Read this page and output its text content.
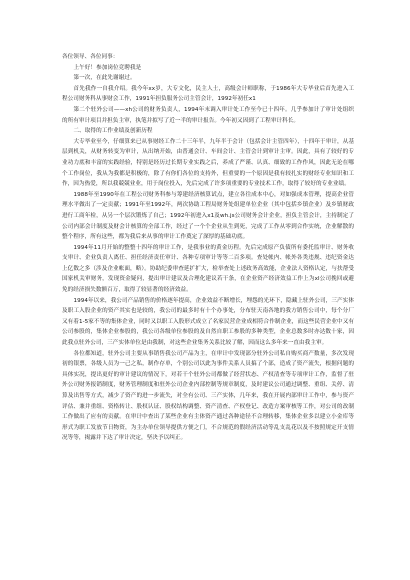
各位领导、各位同事：

上午好！参加岗位竞聘我是

第一次，在此先谢谢过。

首先我作一自我介绍。我今年xx岁，大专文化，民主人士，高级会计师职称，于1986年大专毕业后首先进入工程公司财务科从事财会工作，1991年担负服务公司主管会计，1992年初任x1

第二个驻外公司——xh公司的财务负责人，1994年末调入审计处工作至今已十四年。几乎参加计了审计处组织的所有审计项目并担负主审，执笔并拟写了近一半的审计报告。今年初又因到了工程审计科长。

二、取得的工作业绩及创新历程

大专毕业至今，仔细算来已从事财经工作二十三年半，九年半于会计（包括会计主管四年），十四年于审计，从基层到机关，从财务转变为审计，从出纳开始，由普通会计、车间会计、主管会计到审计主审。因此，具有了较好的专业功力底和丰富的实践经验，特别是经历过长期专业实践之后，养成了严谨、认真、细致的工作作风，因此无论在哪个工作岗位，我从为我都是积极的，除了有你们各位的支持外，但重要的一个原因是我有较扎实的财经专业知识和工作，因为热爱，所以我兢兢业业，用于岗位投入，先后完成了许多项重要的专业技术工作，取得了较好的专业业绩。

1988年至1990年在工程公司财务科参与筹建经济核算试点，建立各往成本中心，对如强成本管理，提高企业管理水平做出了一定贡献；1991年至1992年，两次协助工程局财务处组建单位企业（其中包括乡镇企业）及乡镇财政进行工商年检，从另一个层次锻炼了自己；1992年初进入x1及wh.js公司财务会计企业，担负主管会计，主持制定了公司内部会计制度及财会计核算的全部工作，经过了一个个企业从生到死，完成了工作从零到合作实统，企业解散的整个程序，所有这些，都为我后来从事的审计工作奠定了深厚的基础功底。

1994年11月开始的整整十四年的审计工作，是我事业的黄金历程。先后完成原产负债所有委托监审计、财务收支审计、企业负责人离任、担任经济责任审计、各种专项审计等等二百多项。查处帐内、帐外各类违规、违纪资金达上亿数之多（涉及企业帐面，略）。协助纪委审查延扩扩大，检举查处上述政务高效能，企业法人资格认定，与扶帮受国家机关审财务，发现资金疑问，提出审计建议及合理化建议若干条，在企业资产经济效益工作上为xl公司挽回或避免的经济损失数额百万，取得了较显著的经济效益。

1994年以来，我公司产品销售的价格逐年提高，企业效益不断增长，埋怨的光环下，隐藏上驻外公司，三产实体及职工入股企业的资产其实也是较的，我公司的最多时有十个办事处，分布驻天南各地的我方销售公司中，每个分厂又有着1-5家不等的集体企业，同时又以职工入股形式成立了名家民营企业成相符合作制企业，而这些民营企业中又有公司参股的，集体企业参股的，我公司各级单位参股的及自然自职工参股的多种类型，企业总数多时亦达数十家，因此我点驻外公司，三产实体单位是由我制，对这些企业集务关系比较了解，因而这么多年来一直由我主审。

各位都知道，驻外公司主要从事销售我公司产品为主，在审计中发现部分驻外公司私自购买商产数量，多次发现初的银票，各级人员为一己之私，制作存单，个别公司以此为事件关系人员搞了个部，造成了资产流失，根据问题的具体实况，提出更好的审计建议的情况下，对若干个驻外公司都做了经营状态、产权清查等专项审计工作，监督了驻外公司财务报销制度，财务管理制度和驻外公司企业内部控制等规章制度，及时建议公司通过调整、重组、关停、清算及出售等方式，减少了资产的进一步流失，对全有公司、三产实体，几年来，我在开展内部审计工作中，参与资产评估、兼并重组、资格转让、股权认证、股权结构调整、资产清查、产权登记、改造方案审核等工作，对公司的改制工作做出了应有的贡献。在审计中查出了某些企业有主体资产通过各种途径不合理转移，集体企业多以建立小金库等形式为职工发放节日物资，为主办单位领导提供方便之门，不合规范的假经济活动等乱支乱花以及不按照规定开支情况等等，揭露并下达了审计决定，坚决予以纠正。
